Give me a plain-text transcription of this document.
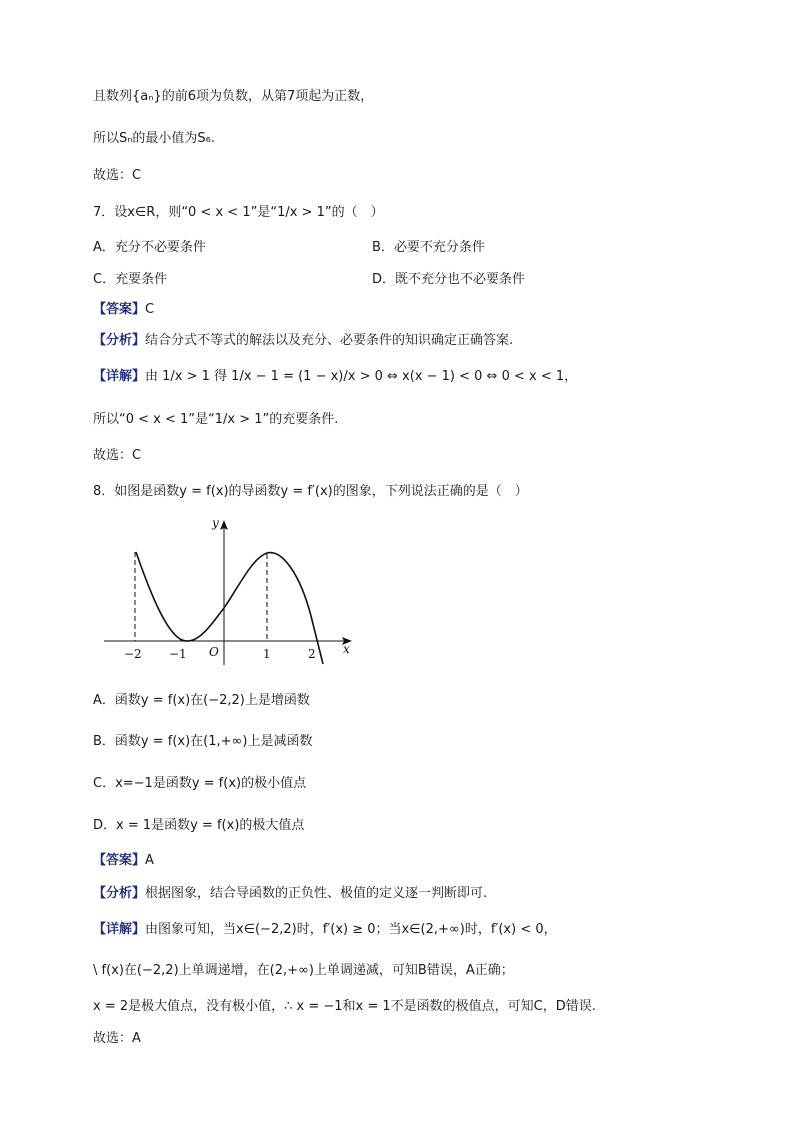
且数列{aₙ}的前6项为负数，从第7项起为正数，
所以Sₙ的最小值为S₆.
故选：C
7．设x∈R，则“0 < x < 1”是“1/x > 1”的（　）
A．充分不必要条件	B．必要不充分条件
C．充要条件	D．既不充分也不必要条件
【答案】C
【分析】结合分式不等式的解法以及充分、必要条件的知识确定正确答案.
【详解】由 1/x > 1 得 1/x − 1 = (1 − x)/x > 0 ⇔ x(x − 1) < 0 ⇔ 0 < x < 1，
所以“0 < x < 1”是“1/x > 1”的充要条件.
故选：C
8．如图是函数y = f(x)的导函数y = f′(x)的图象，下列说法正确的是（　）
y
x
O
−2 −1	1	2
A．函数y = f(x)在(−2,2)上是增函数
B．函数y = f(x)在(1,+∞)上是减函数
C．x=−1是函数y = f(x)的极小值点
D．x = 1是函数y = f(x)的极大值点
【答案】A
【分析】根据图象，结合导函数的正负性、极值的定义逐一判断即可.
【详解】由图象可知，当x∈(−2,2)时，f′(x) ≥ 0；当x∈(2,+∞)时，f′(x) < 0，
\ f(x)在(−2,2)上单调递增，在(2,+∞)上单调递减，可知B错误，A正确；
x = 2是极大值点，没有极小值，∴ x = −1和x = 1不是函数的极值点，可知C，D错误.
故选：A
